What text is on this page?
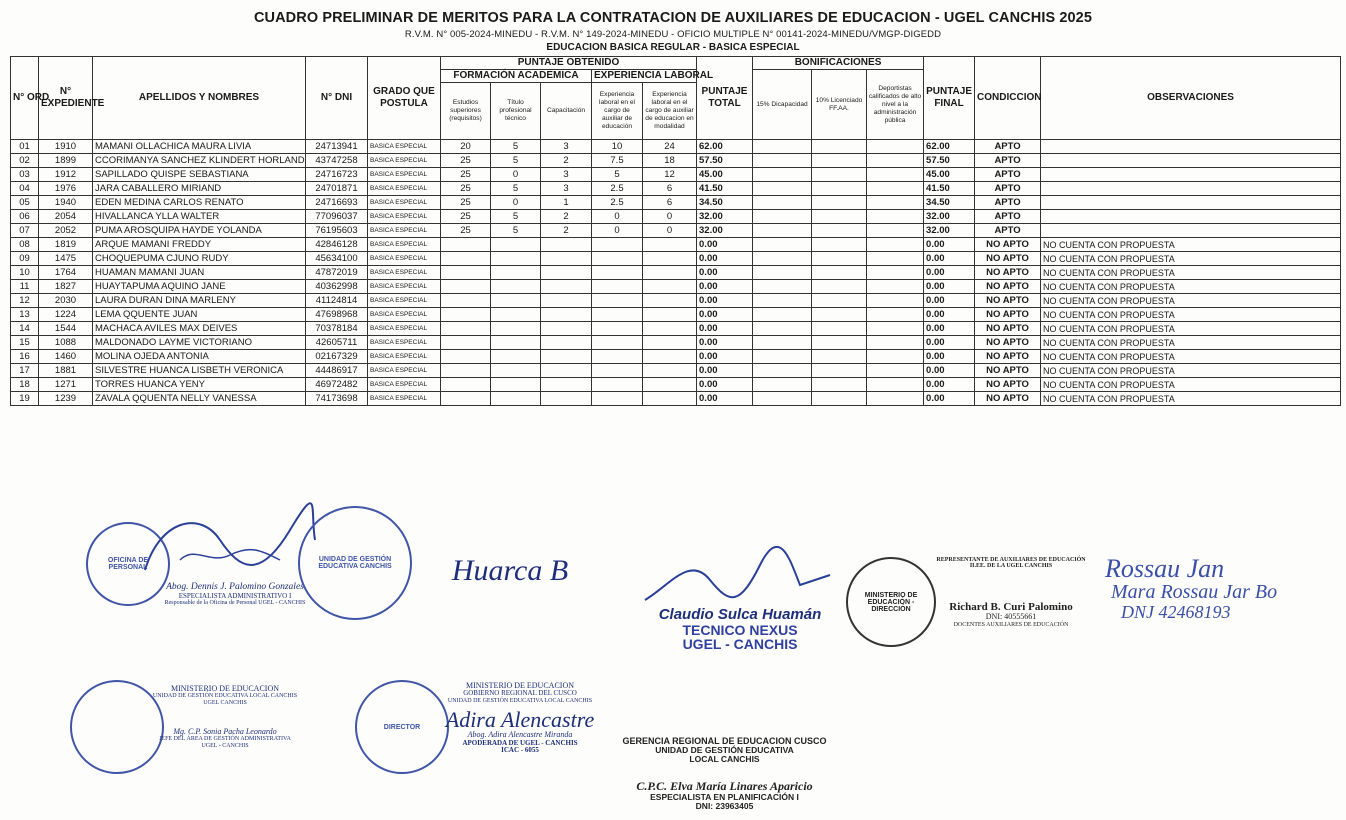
CUADRO PRELIMINAR DE MERITOS PARA LA CONTRATACION DE AUXILIARES DE EDUCACION - UGEL CANCHIS 2025
R.V.M. N° 005-2024-MINEDU - R.V.M. N° 149-2024-MINEDU - OFICIO MULTIPLE N° 00141-2024-MINEDU/VMGP-DIGEDD
EDUCACION BASICA REGULAR - BASICA ESPECIAL
N° ORD	N° EXPEDIENTE	APELLIDOS Y NOMBRES	N° DNI	GRADO QUE POSTULA	PUNTAJE OBTENIDO					PUNTAJE TOTAL	BONIFICACIONES			PUNTAJE FINAL	CONDICCION	OBSERVACIONES
					FORMACIÓN ACADEMICA			EXPERIENCIA LABORAL			15% Dicapacidad	10% Licenciado FF.AA.	Deportistas calificados de alto nivel a la administración pública			
					Estudios superiores (requisitos)	Título profesional técnico	Capacitación	Experiencia laboral en el cargo de auxiliar de educación	Experiencia laboral en el cargo de auxiliar de educacion en modalidad							
01	1910	MAMANI OLLACHICA MAURA LIVIA	24713941	BASICA ESPECIAL	20	5	3	10	24	62.00				62.00	APTO	
02	1899	CCORIMANYA SANCHEZ KLINDERT HORLAND	43747258	BASICA ESPECIAL	25	5	2	7.5	18	57.50				57.50	APTO	
03	1912	SAPILLADO QUISPE SEBASTIANA	24716723	BASICA ESPECIAL	25	0	3	5	12	45.00				45.00	APTO	
04	1976	JARA CABALLERO MIRIAND	24701871	BASICA ESPECIAL	25	5	3	2.5	6	41.50				41.50	APTO	
05	1940	EDEN MEDINA CARLOS RENATO	24716693	BASICA ESPECIAL	25	0	1	2.5	6	34.50				34.50	APTO	
06	2054	HIVALLANCA YLLA WALTER	77096037	BASICA ESPECIAL	25	5	2	0	0	32.00				32.00	APTO	
07	2052	PUMA AROSQUIPA HAYDE YOLANDA	76195603	BASICA ESPECIAL	25	5	2	0	0	32.00				32.00	APTO	
08	1819	ARQUE MAMANI FREDDY	42846128	BASICA ESPECIAL						0.00				0.00	NO APTO	NO CUENTA CON PROPUESTA
09	1475	CHOQUEPUMA CJUNO RUDY	45634100	BASICA ESPECIAL						0.00				0.00	NO APTO	NO CUENTA CON PROPUESTA
10	1764	HUAMAN MAMANI JUAN	47872019	BASICA ESPECIAL						0.00				0.00	NO APTO	NO CUENTA CON PROPUESTA
11	1827	HUAYTAPUMA AQUINO JANE	40362998	BASICA ESPECIAL						0.00				0.00	NO APTO	NO CUENTA CON PROPUESTA
12	2030	LAURA DURAN DINA MARLENY	41124814	BASICA ESPECIAL						0.00				0.00	NO APTO	NO CUENTA CON PROPUESTA
13	1224	LEMA QQUENTE JUAN	47698968	BASICA ESPECIAL						0.00				0.00	NO APTO	NO CUENTA CON PROPUESTA
14	1544	MACHACA AVILES MAX DEIVES	70378184	BASICA ESPECIAL						0.00				0.00	NO APTO	NO CUENTA CON PROPUESTA
15	1088	MALDONADO LAYME VICTORIANO	42605711	BASICA ESPECIAL						0.00				0.00	NO APTO	NO CUENTA CON PROPUESTA
16	1460	MOLINA OJEDA ANTONIA	02167329	BASICA ESPECIAL						0.00				0.00	NO APTO	NO CUENTA CON PROPUESTA
17	1881	SILVESTRE HUANCA LISBETH VERONICA	44486917	BASICA ESPECIAL						0.00				0.00	NO APTO	NO CUENTA CON PROPUESTA
18	1271	TORRES HUANCA YENY	46972482	BASICA ESPECIAL						0.00				0.00	NO APTO	NO CUENTA CON PROPUESTA
19	1239	ZAVALA QQUENTA NELLY VANESSA	74173698	BASICA ESPECIAL						0.00				0.00	NO APTO	NO CUENTA CON PROPUESTA
OFICINA DE PERSONAL
Abog. Dennis J. Palomino Gonzales
ESPECIALISTA ADMINISTRATIVO I
Responsable de la Oficina de Personal UGEL - CANCHIS
UNIDAD DE GESTIÓN EDUCATIVA CANCHIS	Huarca B
Claudio Sulca Huamán
TECNICO NEXUS
UGEL - CANCHIS
MINISTERIO DE EDUCACIÓN - DIRECCIÓN
REPRESENTANTE DE AUXILIARES DE EDUCACIÓN
II.EE. DE LA UGEL CANCHIS
Richard B. Curi Palomino
DNI: 40555661
DOCENTES AUXILIARES DE EDUCACIÓN
Rossau Jan
Mara Rossau Jar Bo
DNJ 42468193
MINISTERIO DE EDUCACION
UNIDAD DE GESTIÓN EDUCATIVA LOCAL CANCHIS
UGEL CANCHIS
Mg. C.P. Sonia Pacha Leonardo
JEFE DEL ÁREA DE GESTIÓN ADMINISTRATIVA
UGEL - CANCHIS
DIRECTOR
MINISTERIO DE EDUCACION
GOBIERNO REGIONAL DEL CUSCO
UNIDAD DE GESTIÓN EDUCATIVA LOCAL CANCHIS
Adira Alencastre
Abog. Adira Alencastre Miranda
APODERADA DE UGEL - CANCHIS
ICAC - 6055
GERENCIA REGIONAL DE EDUCACION CUSCO
UNIDAD DE GESTIÓN EDUCATIVA
LOCAL CANCHIS
C.P.C. Elva María Linares Aparicio
ESPECIALISTA EN PLANIFICACIÓN I
DNI: 23963405
